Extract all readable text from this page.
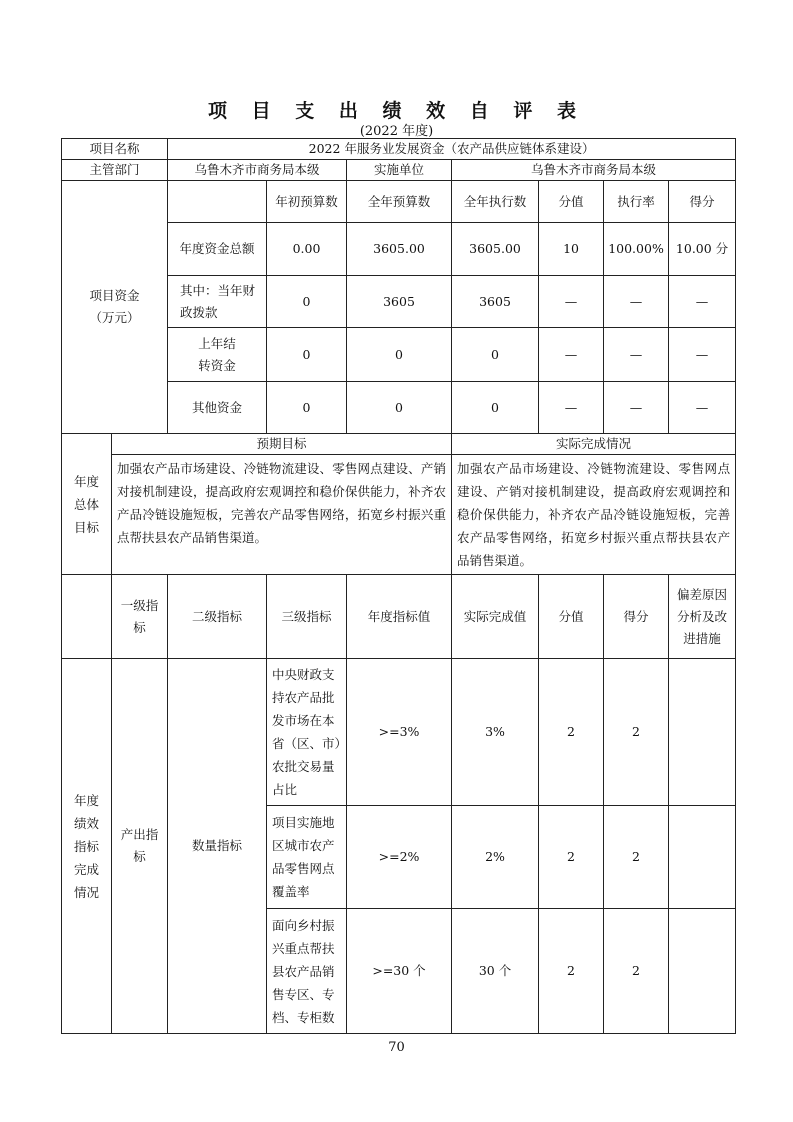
项 目 支 出 绩 效 自 评 表
(2022 年度)
项目名称		2022 年服务业发展资金（农产品供应链体系建设）						
主管部门		乌鲁木齐市商务局本级		实施单位	乌鲁木齐市商务局本级			
项目资金（万元）			年初预算数	全年预算数	全年执行数	分值	执行率	得分
		年度资金总额	0.00	3605.00	3605.00	10	100.00%	10.00 分
		其中：当年财政拨款	0	3605	3605	—	—	—
		上年结转资金	0	0	0	—	—	—
		其他资金	0	0	0	—	—	—
年度总体目标	预期目标				实际完成情况			
	加强农产品市场建设、冷链物流建设、零售网点建设、产销对接机制建设，提高政府宏观调控和稳价保供能力，补齐农产品冷链设施短板，完善农产品零售网络，拓宽乡村振兴重点帮扶县农产品销售渠道。				加强农产品市场建设、冷链物流建设、零售网点建设、产销对接机制建设，提高政府宏观调控和稳价保供能力，补齐农产品冷链设施短板，完善农产品零售网络，拓宽乡村振兴重点帮扶县农产品销售渠道。			
	一级指标	二级指标	三级指标	年度指标值	实际完成值	分值	得分	偏差原因分析及改进措施
年度绩效指标完成情况	产出指标	数量指标	中央财政支持农产品批发市场在本省（区、市）农批交易量占比	>=3%	3%	2	2	
			项目实施地区城市农产品零售网点覆盖率	>=2%	2%	2	2	
			面向乡村振兴重点帮扶县农产品销售专区、专档、专柜数	>=30 个	30 个	2	2	
70
